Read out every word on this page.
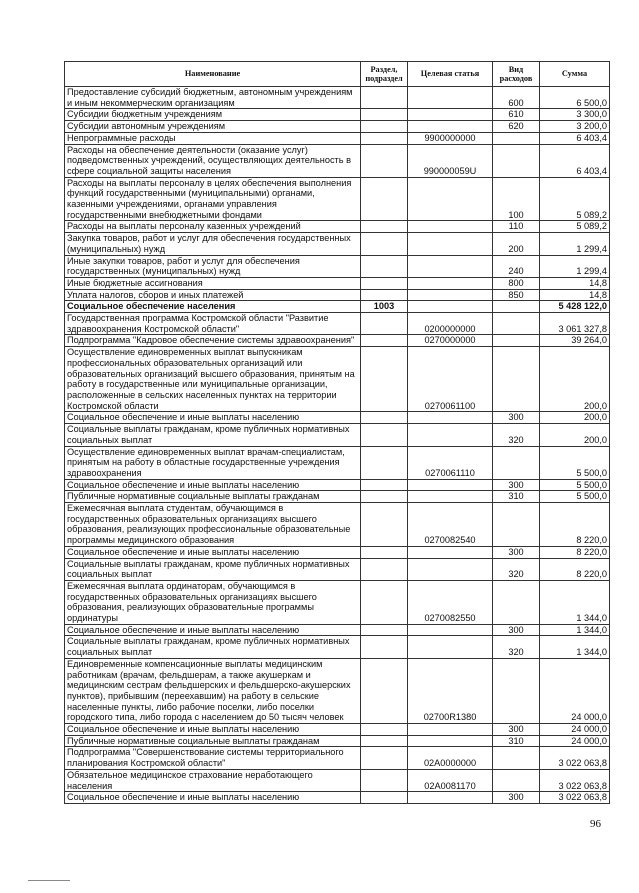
Наименование	Раздел, подраздел	Целевая статья	Вид расходов	Сумма
Предоставление субсидий бюджетным, автономным учреждениям и иным некоммерческим организациям			600	6 500,0
Субсидии бюджетным учреждениям			610	3 300,0
Субсидии автономным учреждениям			620	3 200,0
Непрограммные расходы		9900000000		6 403,4
Расходы на обеспечение деятельности (оказание услуг) подведомственных учреждений, осуществляющих деятельность в сфере социальной защиты населения		990000059U		6 403,4
Расходы на выплаты персоналу в целях обеспечения выполнения функций государственными (муниципальными) органами, казенными учреждениями, органами управления государственными внебюджетными фондами			100	5 089,2
Расходы на выплаты персоналу казенных учреждений			110	5 089,2
Закупка товаров, работ и услуг для обеспечения государственных (муниципальных) нужд			200	1 299,4
Иные закупки товаров, работ и услуг для обеспечения государственных (муниципальных) нужд			240	1 299,4
Иные бюджетные ассигнования			800	14,8
Уплата налогов, сборов и иных платежей			850	14,8
Социальное обеспечение населения	1003			5 428 122,0
Государственная программа Костромской области "Развитие здравоохранения Костромской области"		0200000000		3 061 327,8
Подпрограмма "Кадровое обеспечение системы здравоохранения"		0270000000		39 264,0
Осуществление единовременных выплат выпускникам профессиональных образовательных организаций или образовательных организаций высшего образования, принятым на работу в государственные или муниципальные организации, расположенные в сельских населенных пунктах на территории Костромской области		0270061100		200,0
Социальное обеспечение и иные выплаты населению			300	200,0
Социальные выплаты гражданам, кроме публичных нормативных социальных выплат			320	200,0
Осуществление единовременных выплат врачам-специалистам, принятым на работу в областные государственные учреждения здравоохранения		0270061110		5 500,0
Социальное обеспечение и иные выплаты населению			300	5 500,0
Публичные нормативные социальные выплаты гражданам			310	5 500,0
Ежемесячная выплата студентам, обучающимся в государственных образовательных организациях высшего образования, реализующих профессиональные образовательные программы медицинского образования		0270082540		8 220,0
Социальное обеспечение и иные выплаты населению			300	8 220,0
Социальные выплаты гражданам, кроме публичных нормативных социальных выплат			320	8 220,0
Ежемесячная выплата ординаторам, обучающимся в государственных образовательных организациях высшего образования, реализующих образовательные программы ординатуры		0270082550		1 344,0
Социальное обеспечение и иные выплаты населению			300	1 344,0
Социальные выплаты гражданам, кроме публичных нормативных социальных выплат			320	1 344,0
Единовременные компенсационные выплаты медицинским работникам (врачам, фельдшерам, а также акушеркам и медицинским сестрам фельдшерских и фельдшерско-акушерских пунктов), прибывшим (переехавшим) на работу в сельские населенные пункты, либо рабочие поселки, либо поселки городского типа, либо города с населением до 50 тысяч человек		02700R1380		24 000,0
Социальное обеспечение и иные выплаты населению			300	24 000,0
Публичные нормативные социальные выплаты гражданам			310	24 000,0
Подпрограмма "Совершенствование системы территориального планирования Костромской области"		02А0000000		3 022 063,8
Обязательное медицинское страхование неработающего населения		02А0081170		3 022 063,8
Социальное обеспечение и иные выплаты населению			300	3 022 063,8
96
